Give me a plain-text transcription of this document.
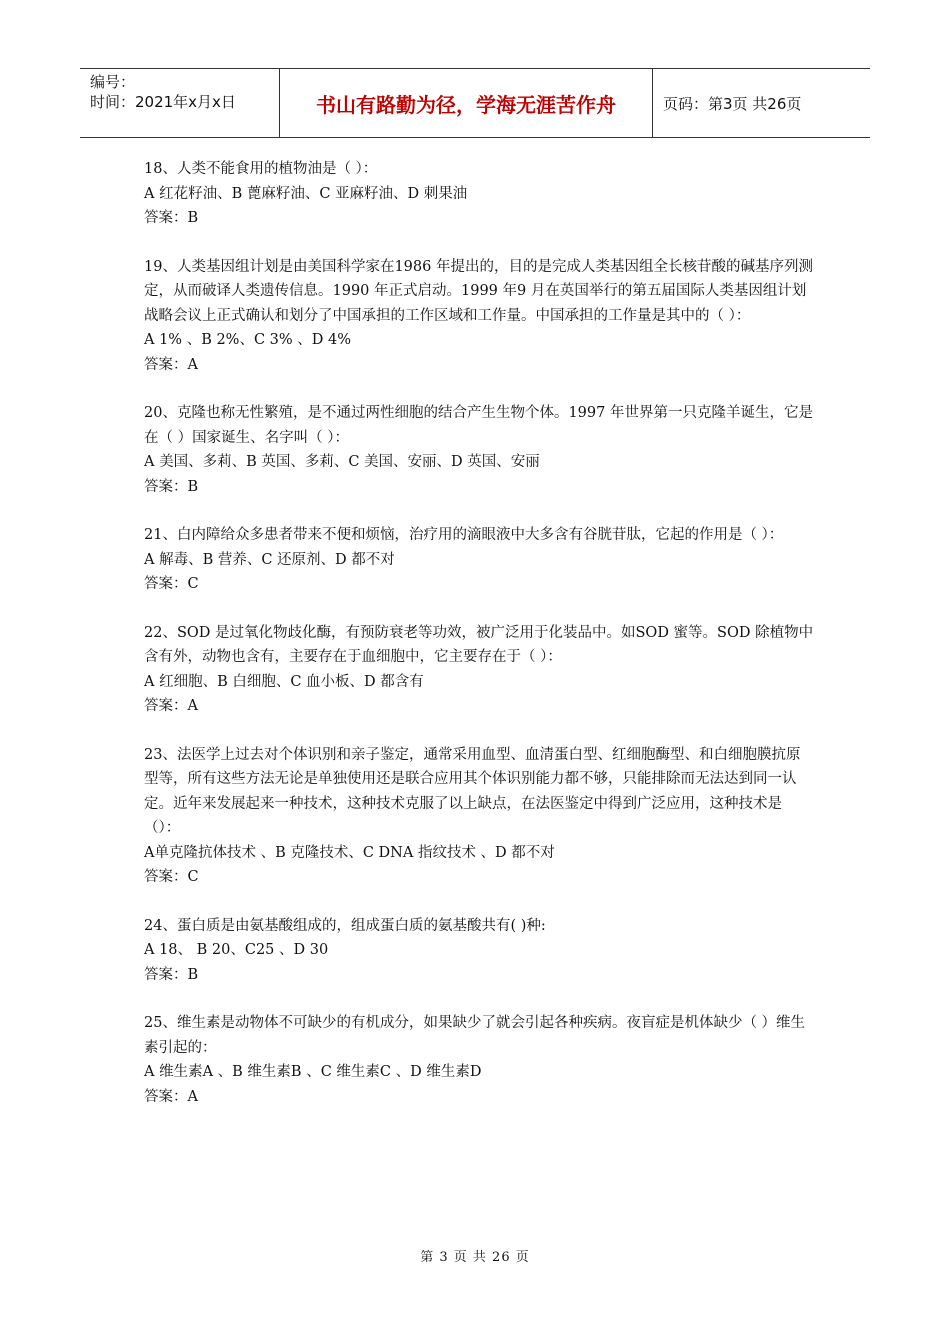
编号：
时间：2021年x月x日	书山有路勤为径，学海无涯苦作舟	页码：第3页 共26页

18、人类不能食用的植物油是（ ）：

A 红花籽油、B 蓖麻籽油、C 亚麻籽油、D 刺果油

答案：B

19、人类基因组计划是由美国科学家在1986 年提出的，目的是完成人类基因组全长核苷酸的碱基序列测定，从而破译人类遗传信息。1990 年正式启动。1999 年9 月在英国举行的第五届国际人类基因组计划战略会议上正式确认和划分了中国承担的工作区域和工作量。中国承担的工作量是其中的（ ）：

A 1% 、B 2%、C 3% 、D 4%

答案：A

20、克隆也称无性繁殖，是不通过两性细胞的结合产生生物个体。1997 年世界第一只克隆羊诞生，它是在（ ）国家诞生、名字叫（ ）：

A 美国、多莉、B 英国、多莉、C 美国、安丽、D 英国、安丽

答案：B

21、白内障给众多患者带来不便和烦恼，治疗用的滴眼液中大多含有谷胱苷肽，它起的作用是（ ）：

A 解毒、B 营养、C 还原剂、D 都不对

答案：C

22、SOD 是过氧化物歧化酶，有预防衰老等功效，被广泛用于化装品中。如SOD 蜜等。SOD 除植物中含有外，动物也含有，主要存在于血细胞中，它主要存在于（ ）：

A 红细胞、B 白细胞、C 血小板、D 都含有

答案：A

23、法医学上过去对个体识别和亲子鉴定，通常采用血型、血清蛋白型、红细胞酶型、和白细胞膜抗原型等，所有这些方法无论是单独使用还是联合应用其个体识别能力都不够，只能排除而无法达到同一认定。近年来发展起来一种技术，这种技术克服了以上缺点，在法医鉴定中得到广泛应用，这种技术是（）：

A单克隆抗体技术 、B 克隆技术、C DNA 指纹技术 、D 都不对

答案：C

24、蛋白质是由氨基酸组成的，组成蛋白质的氨基酸共有( )种:

A 18、 B 20、C25 、D 30

答案：B

25、维生素是动物体不可缺少的有机成分，如果缺少了就会引起各种疾病。夜盲症是机体缺少（ ）维生素引起的：

A 维生素A 、B 维生素B 、C 维生素C 、D 维生素D

答案：A

第 3 页 共 26 页
